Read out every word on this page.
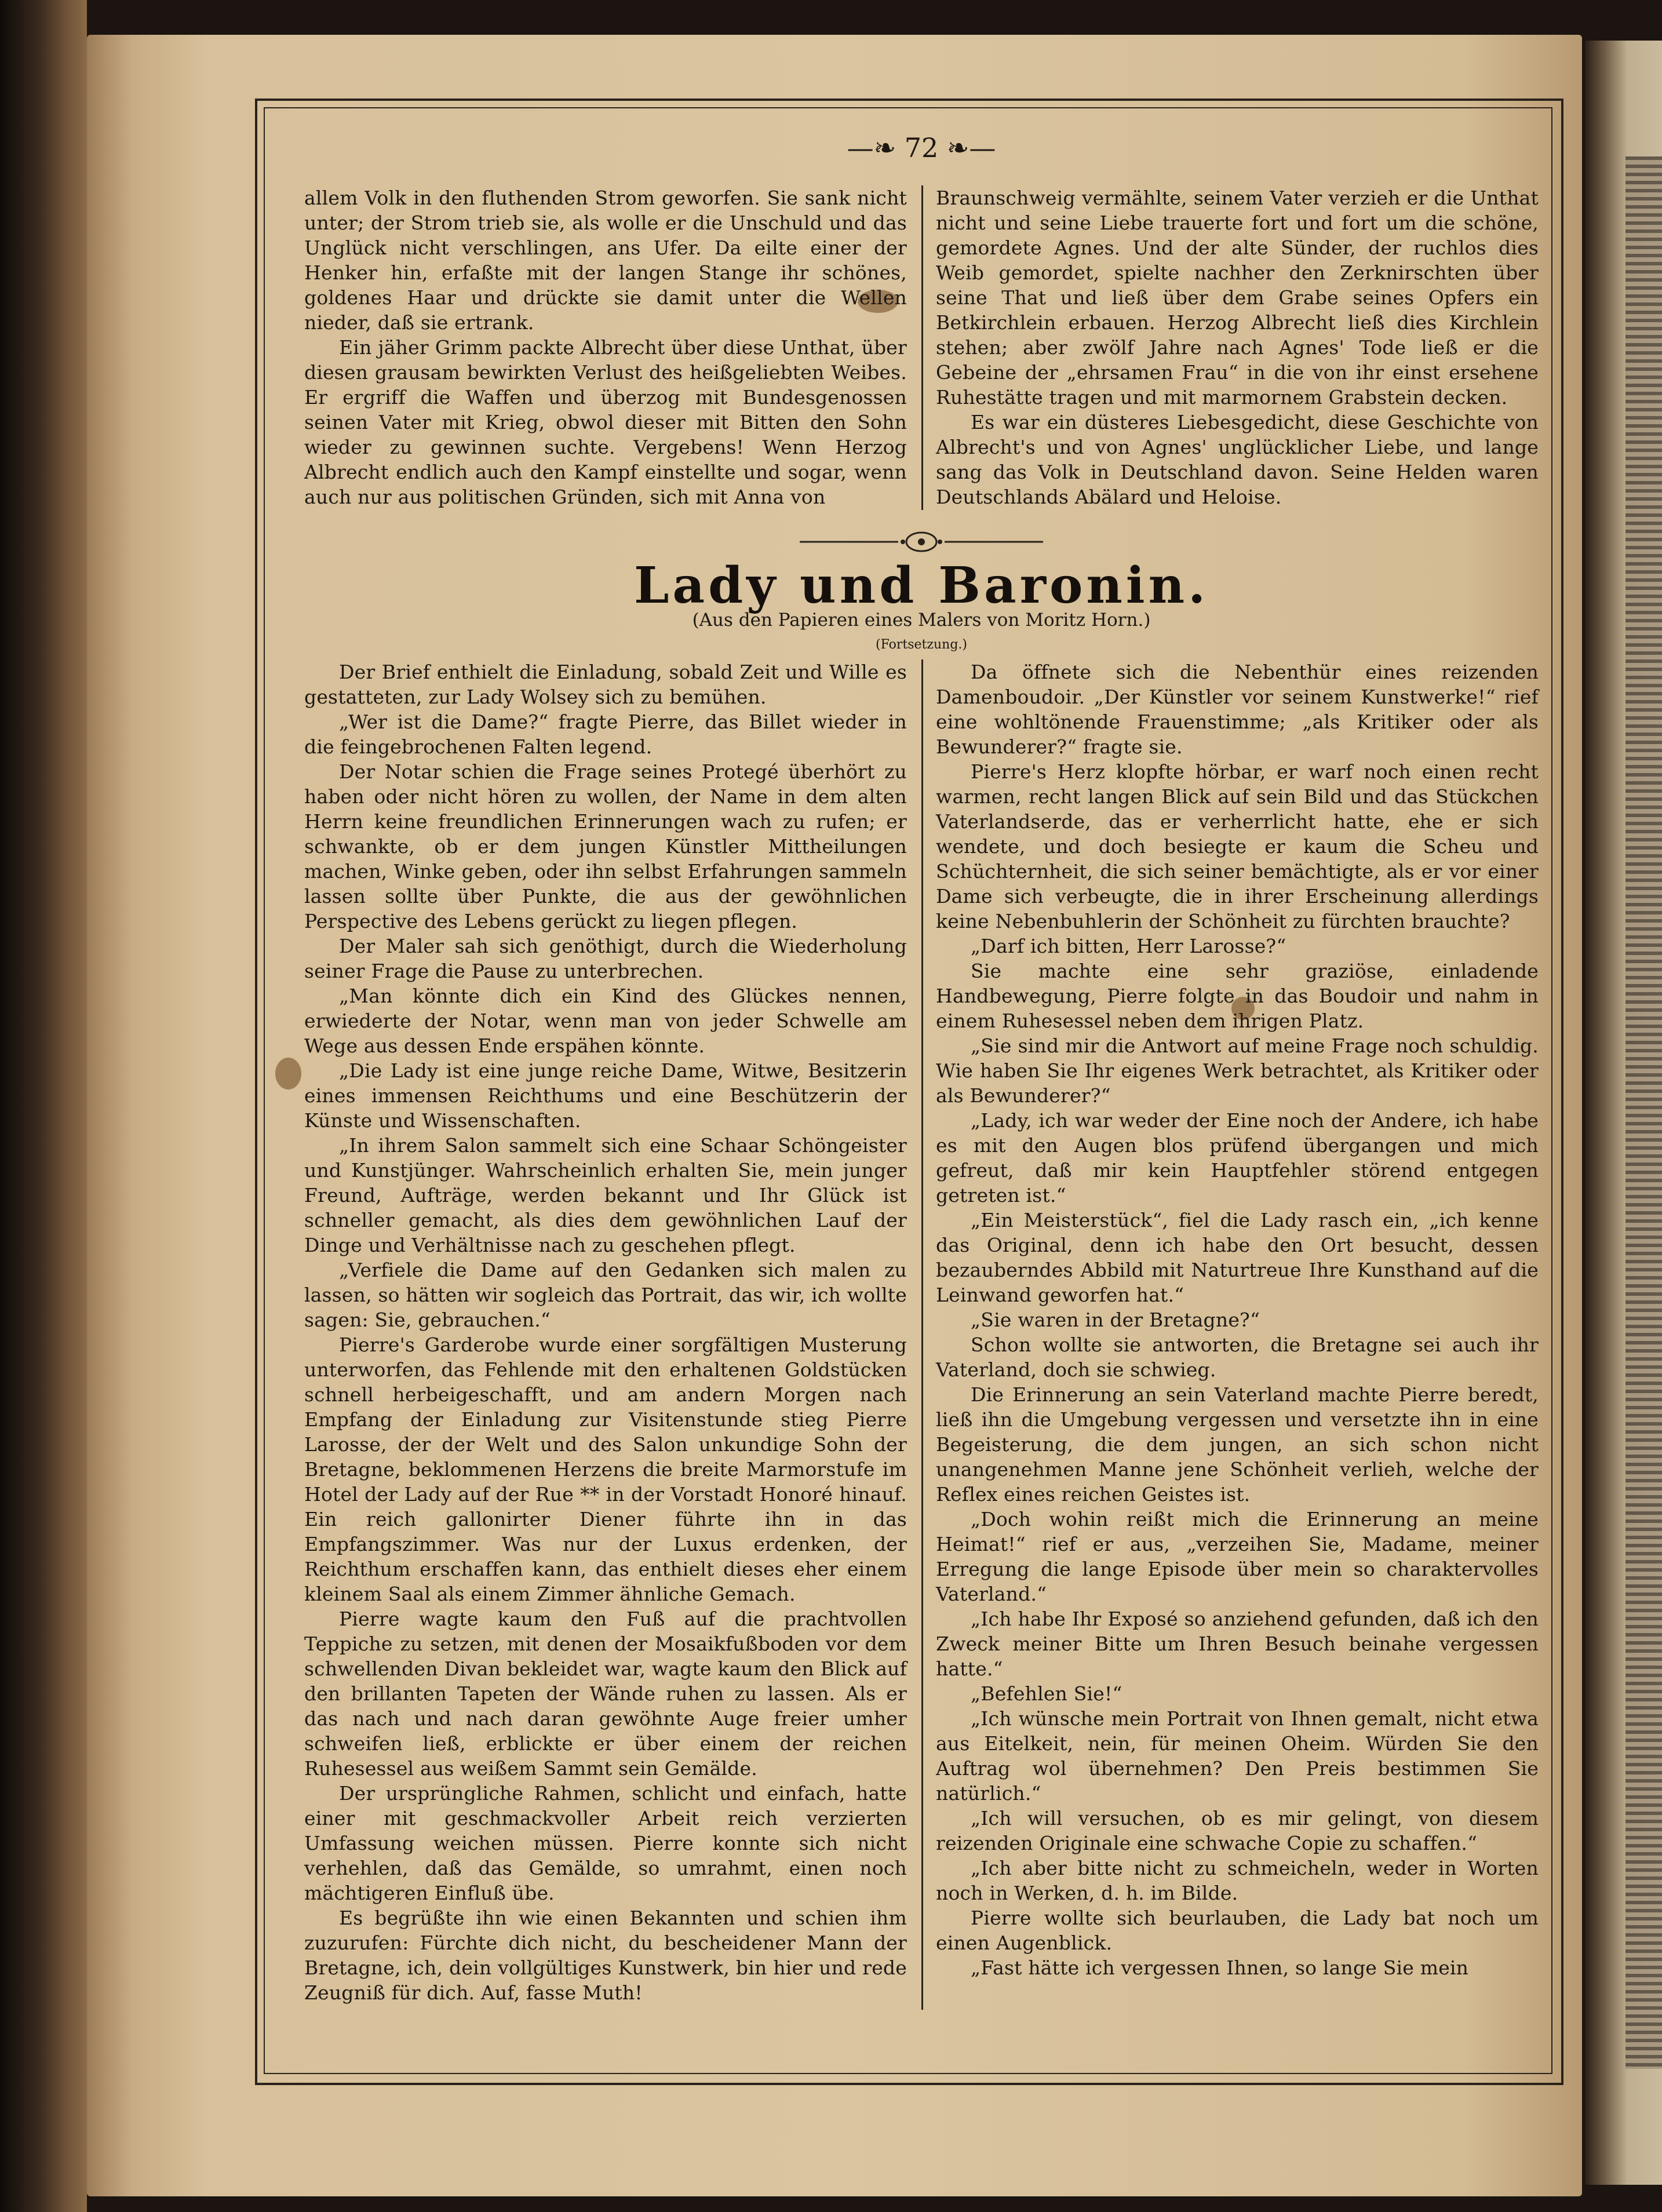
—❧ 72 ❧—

allem Volk in den fluthenden Strom geworfen. Sie sank nicht unter; der Strom trieb sie, als wolle er die Unschuld und das Unglück nicht verschlingen, ans Ufer. Da eilte einer der Henker hin, erfaßte mit der langen Stange ihr schönes, goldenes Haar und drückte sie damit unter die Wellen nieder, daß sie ertrank.

Ein jäher Grimm packte Albrecht über diese Unthat, über diesen grausam bewirkten Verlust des heißgeliebten Weibes. Er ergriff die Waffen und überzog mit Bundesgenossen seinen Vater mit Krieg, obwol dieser mit Bitten den Sohn wieder zu gewinnen suchte. Vergebens! Wenn Herzog Albrecht endlich auch den Kampf einstellte und sogar, wenn auch nur aus politischen Gründen, sich mit Anna von

Braunschweig vermählte, seinem Vater verzieh er die Unthat nicht und seine Liebe trauerte fort und fort um die schöne, gemordete Agnes. Und der alte Sünder, der ruchlos dies Weib gemordet, spielte nachher den Zerknirschten über seine That und ließ über dem Grabe seines Opfers ein Betkirchlein erbauen. Herzog Albrecht ließ dies Kirchlein stehen; aber zwölf Jahre nach Agnes' Tode ließ er die Gebeine der „ehrsamen Frau“ in die von ihr einst ersehene Ruhestätte tragen und mit marmornem Grabstein decken.

Es war ein düsteres Liebesgedicht, diese Geschichte von Albrecht's und von Agnes' unglücklicher Liebe, und lange sang das Volk in Deutschland davon. Seine Helden waren Deutschlands Abälard und Heloise.

Lady und Baronin.
(Aus den Papieren eines Malers von Moritz Horn.)
(Fortsetzung.)

Der Brief enthielt die Einladung, sobald Zeit und Wille es gestatteten, zur Lady Wolsey sich zu bemühen.

„Wer ist die Dame?“ fragte Pierre, das Billet wieder in die feingebrochenen Falten legend.

Der Notar schien die Frage seines Protegé überhört zu haben oder nicht hören zu wollen, der Name in dem alten Herrn keine freundlichen Erinnerungen wach zu rufen; er schwankte, ob er dem jungen Künstler Mittheilungen machen, Winke geben, oder ihn selbst Erfahrungen sammeln lassen sollte über Punkte, die aus der gewöhnlichen Perspective des Lebens gerückt zu liegen pflegen.

Der Maler sah sich genöthigt, durch die Wiederholung seiner Frage die Pause zu unterbrechen.

„Man könnte dich ein Kind des Glückes nennen, erwiederte der Notar, wenn man von jeder Schwelle am Wege aus dessen Ende erspähen könnte.

„Die Lady ist eine junge reiche Dame, Witwe, Besitzerin eines immensen Reichthums und eine Beschützerin der Künste und Wissenschaften.

„In ihrem Salon sammelt sich eine Schaar Schöngeister und Kunstjünger. Wahrscheinlich erhalten Sie, mein junger Freund, Aufträge, werden bekannt und Ihr Glück ist schneller gemacht, als dies dem gewöhnlichen Lauf der Dinge und Verhältnisse nach zu geschehen pflegt.

„Verfiele die Dame auf den Gedanken sich malen zu lassen, so hätten wir sogleich das Portrait, das wir, ich wollte sagen: Sie, gebrauchen.“

Pierre's Garderobe wurde einer sorgfältigen Musterung unterworfen, das Fehlende mit den erhaltenen Goldstücken schnell herbeigeschafft, und am andern Morgen nach Empfang der Einladung zur Visitenstunde stieg Pierre Larosse, der der Welt und des Salon unkundige Sohn der Bretagne, beklommenen Herzens die breite Marmorstufe im Hotel der Lady auf der Rue ** in der Vorstadt Honoré hinauf. Ein reich gallonirter Diener führte ihn in das Empfangszimmer. Was nur der Luxus erdenken, der Reichthum erschaffen kann, das enthielt dieses eher einem kleinem Saal als einem Zimmer ähnliche Gemach.

Pierre wagte kaum den Fuß auf die prachtvollen Teppiche zu setzen, mit denen der Mosaikfußboden vor dem schwellenden Divan bekleidet war, wagte kaum den Blick auf den brillanten Tapeten der Wände ruhen zu lassen. Als er das nach und nach daran gewöhnte Auge freier umher schweifen ließ, erblickte er über einem der reichen Ruhesessel aus weißem Sammt sein Gemälde.

Der ursprüngliche Rahmen, schlicht und einfach, hatte einer mit geschmackvoller Arbeit reich verzierten Umfassung weichen müssen. Pierre konnte sich nicht verhehlen, daß das Gemälde, so umrahmt, einen noch mächtigeren Einfluß übe.

Es begrüßte ihn wie einen Bekannten und schien ihm zuzurufen: Fürchte dich nicht, du bescheidener Mann der Bretagne, ich, dein vollgültiges Kunstwerk, bin hier und rede Zeugniß für dich. Auf, fasse Muth!

Da öffnete sich die Nebenthür eines reizenden Damenboudoir. „Der Künstler vor seinem Kunstwerke!“ rief eine wohltönende Frauenstimme; „als Kritiker oder als Bewunderer?“ fragte sie.

Pierre's Herz klopfte hörbar, er warf noch einen recht warmen, recht langen Blick auf sein Bild und das Stückchen Vaterlandserde, das er verherrlicht hatte, ehe er sich wendete, und doch besiegte er kaum die Scheu und Schüchternheit, die sich seiner bemächtigte, als er vor einer Dame sich verbeugte, die in ihrer Erscheinung allerdings keine Nebenbuhlerin der Schönheit zu fürchten brauchte?

„Darf ich bitten, Herr Larosse?“

Sie machte eine sehr graziöse, einladende Handbewegung, Pierre folgte in das Boudoir und nahm in einem Ruhesessel neben dem ihrigen Platz.

„Sie sind mir die Antwort auf meine Frage noch schuldig. Wie haben Sie Ihr eigenes Werk betrachtet, als Kritiker oder als Bewunderer?“

„Lady, ich war weder der Eine noch der Andere, ich habe es mit den Augen blos prüfend übergangen und mich gefreut, daß mir kein Hauptfehler störend entgegen getreten ist.“

„Ein Meisterstück“, fiel die Lady rasch ein, „ich kenne das Original, denn ich habe den Ort besucht, dessen bezauberndes Abbild mit Naturtreue Ihre Kunsthand auf die Leinwand geworfen hat.“

„Sie waren in der Bretagne?“

Schon wollte sie antworten, die Bretagne sei auch ihr Vaterland, doch sie schwieg.

Die Erinnerung an sein Vaterland machte Pierre beredt, ließ ihn die Umgebung vergessen und versetzte ihn in eine Begeisterung, die dem jungen, an sich schon nicht unangenehmen Manne jene Schönheit verlieh, welche der Reflex eines reichen Geistes ist.

„Doch wohin reißt mich die Erinnerung an meine Heimat!“ rief er aus, „verzeihen Sie, Madame, meiner Erregung die lange Episode über mein so charaktervolles Vaterland.“

„Ich habe Ihr Exposé so anziehend gefunden, daß ich den Zweck meiner Bitte um Ihren Besuch beinahe vergessen hatte.“

„Befehlen Sie!“

„Ich wünsche mein Portrait von Ihnen gemalt, nicht etwa aus Eitelkeit, nein, für meinen Oheim. Würden Sie den Auftrag wol übernehmen? Den Preis bestimmen Sie natürlich.“

„Ich will versuchen, ob es mir gelingt, von diesem reizenden Originale eine schwache Copie zu schaffen.“

„Ich aber bitte nicht zu schmeicheln, weder in Worten noch in Werken, d. h. im Bilde.

Pierre wollte sich beurlauben, die Lady bat noch um einen Augenblick.

„Fast hätte ich vergessen Ihnen, so lange Sie mein
